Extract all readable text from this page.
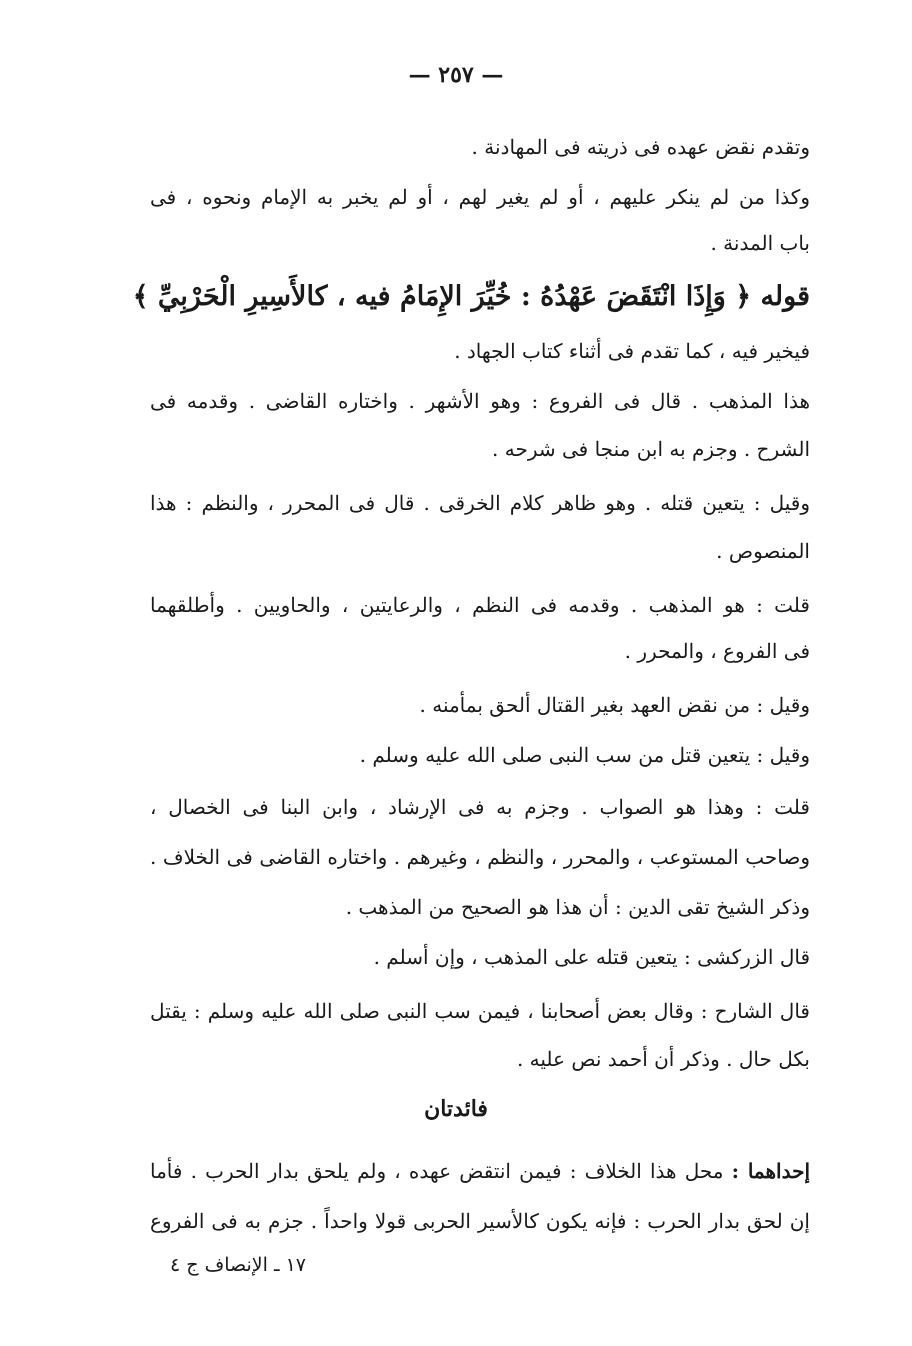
— ٢٥٧ —
وتقدم نقض عهده فى ذريته فى المهادنة .
وكذا من لم ينكر عليهم ، أو لم يغير لهم ، أو لم يخبر به الإمام ونحوه ، فى
باب المدنة .
قوله ﴿ وَإِذَا انْتَقَضَ عَهْدُهُ : خُيِّرَ الإِمَامُ فيه ، كالأَسِيرِ الْحَرْبِيِّ ﴾
فيخير فيه ، كما تقدم فى أثناء كتاب الجهاد .
هذا المذهب . قال فى الفروع : وهو الأشهر . واختاره القاضى . وقدمه فى
الشرح . وجزم به ابن منجا فى شرحه .
وقيل : يتعين قتله . وهو ظاهر كلام الخرقى . قال فى المحرر ، والنظم : هذا
المنصوص .
قلت : هو المذهب . وقدمه فى النظم ، والرعايتين ، والحاويين . وأطلقهما
فى الفروع ، والمحرر .
وقيل : من نقض العهد بغير القتال ألحق بمأمنه .
وقيل : يتعين قتل من سب النبى صلى الله عليه وسلم .
قلت : وهذا هو الصواب . وجزم به فى الإرشاد ، وابن البنا فى الخصال ،
وصاحب المستوعب ، والمحرر ، والنظم ، وغيرهم . واختاره القاضى فى الخلاف .
وذكر الشيخ تقى الدين : أن هذا هو الصحيح من المذهب .
قال الزركشى : يتعين قتله على المذهب ، وإن أسلم .
قال الشارح : وقال بعض أصحابنا ، فيمن سب النبى صلى الله عليه وسلم : يقتل
بكل حال . وذكر أن أحمد نص عليه .
فائدتان
إحداهما : محل هذا الخلاف : فيمن انتقض عهده ، ولم يلحق بدار الحرب . فأما
إن لحق بدار الحرب : فإنه يكون كالأسير الحربى قولا واحداً . جزم به فى الفروع
١٧ ـ الإنصاف ج ٤
